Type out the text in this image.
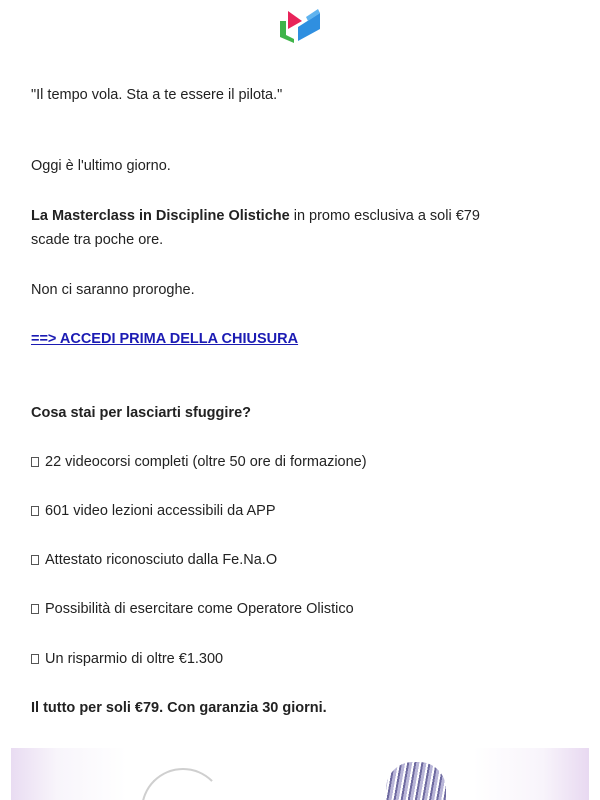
"Il tempo vola. Sta a te essere il pilota."

Oggi è l'ultimo giorno.

La Masterclass in Discipline Olistiche in promo esclusiva a soli €79
scade tra poche ore.

Non ci saranno proroghe.

==> ACCEDI PRIMA DELLA CHIUSURA

Cosa stai per lasciarti sfuggire?

22 videocorsi completi (oltre 50 ore di formazione)

601 video lezioni accessibili da APP

Attestato riconosciuto dalla Fe.Na.O

Possibilità di esercitare come Operatore Olistico

Un risparmio di oltre €1.300

Il tutto per soli €79. Con garanzia 30 giorni.
